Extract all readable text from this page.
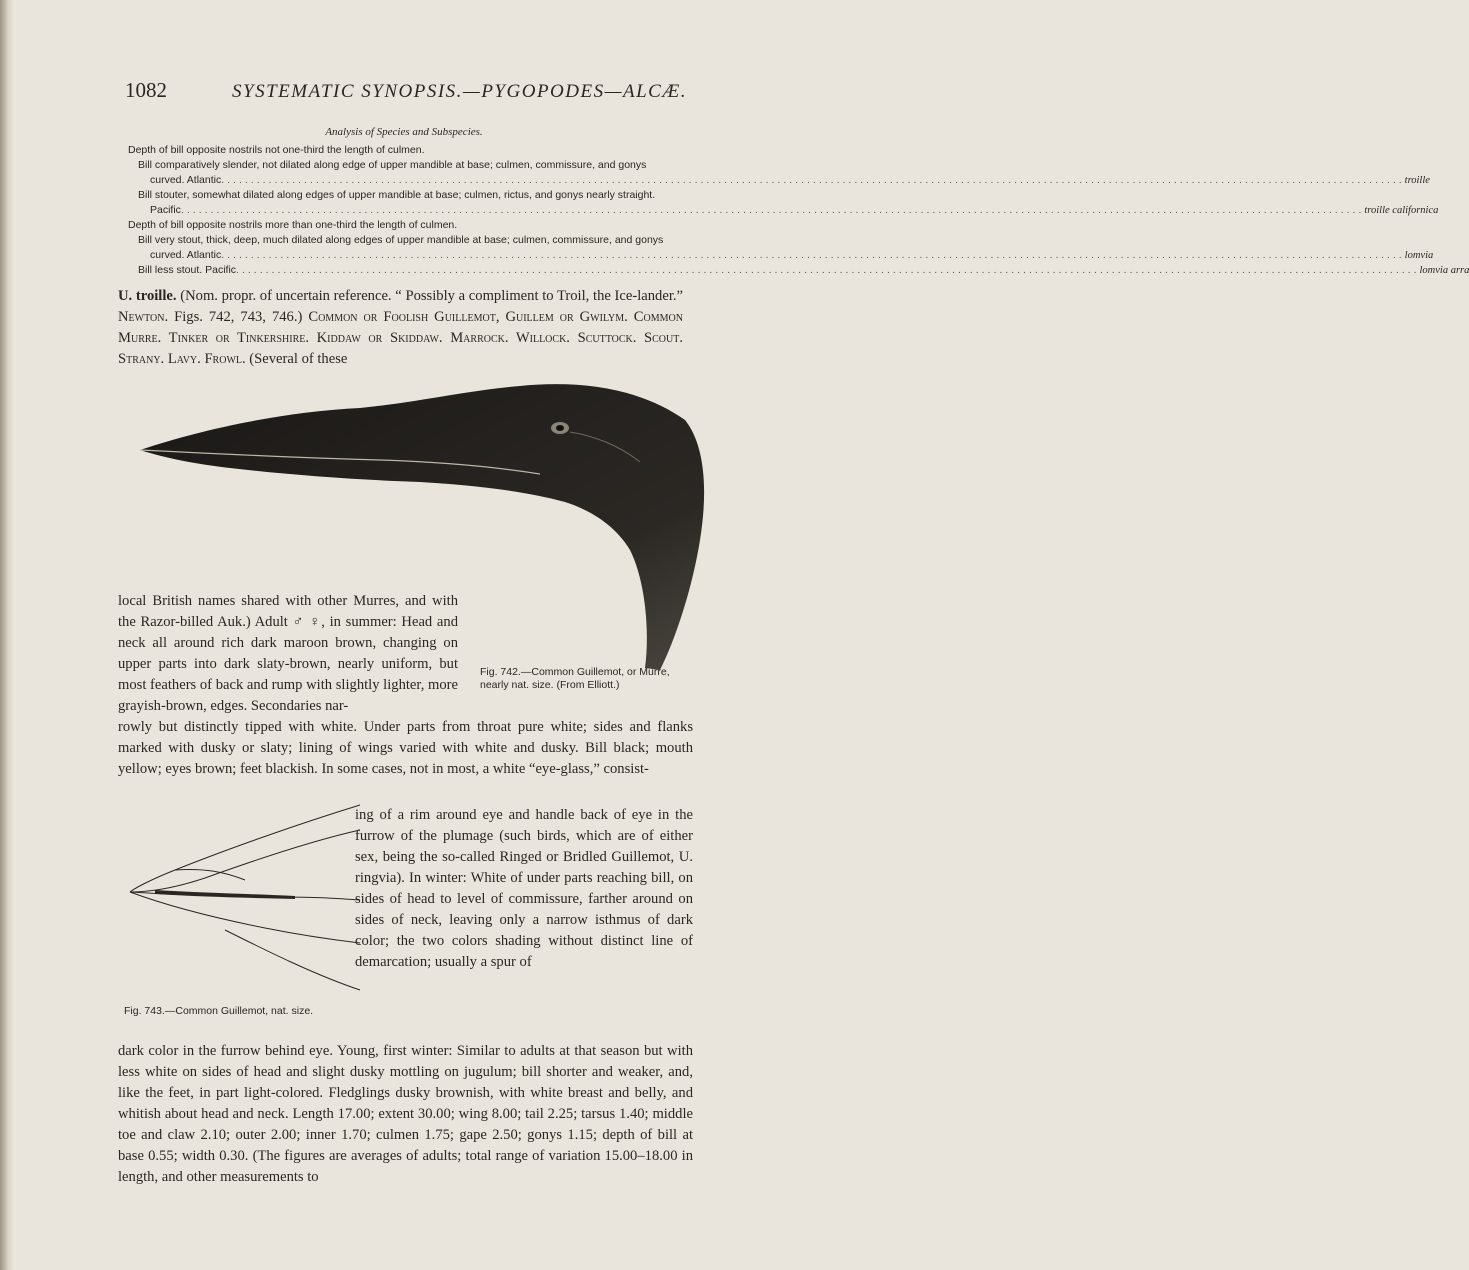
1082	SYSTEMATIC SYNOPSIS.—PYGOPODES—ALCÆ.
Analysis of Species and Subspecies.
Depth of bill opposite nostrils not one-third the length of culmen.
Bill comparatively slender, not dilated along edge of upper mandible at base; culmen, commissure, and gonys
curved. Atlantic ........................................................................................................................................................................................................ troille
Bill stouter, somewhat dilated along edges of upper mandible at base; culmen, rictus, and gonys nearly straight.
Pacific ........................................................................................................................................................................................................ troille californica
Depth of bill opposite nostrils more than one-third the length of culmen.
Bill very stout, thick, deep, much dilated along edges of upper mandible at base; culmen, commissure, and gonys
curved. Atlantic ........................................................................................................................................................................................................ lomvia
Bill less stout. Pacific ........................................................................................................................................................................................................ lomvia arra

U. troille. (Nom. propr. of uncertain reference. “ Possibly a compliment to Troil, the Ice-lander.” Newton. Figs. 742, 743, 746.) Common or Foolish Guillemot, Guillem or Gwilym. Common Murre. Tinker or Tinkershire. Kiddaw or Skiddaw. Marrock. Willock. Scuttock. Scout. Strany. Lavy. Frowl. (Several of these

local British names shared with other Murres, and with the Razor-billed Auk.) Adult ♂ ♀, in summer: Head and neck all around rich dark maroon brown, changing on upper parts into dark slaty-brown, nearly uniform, but most feathers of back and rump with slightly lighter, more grayish-brown, edges. Secondaries nar-

Fig. 742.—Common Guillemot, or Murre, nearly nat. size. (From Elliott.)

rowly but distinctly tipped with white. Under parts from throat pure white; sides and flanks marked with dusky or slaty; lining of wings varied with white and dusky. Bill black; mouth yellow; eyes brown; feet blackish. In some cases, not in most, a white “eye-glass,” consist-

Fig. 743.—Common Guillemot, nat. size.

ing of a rim around eye and handle back of eye in the furrow of the plumage (such birds, which are of either sex, being the so-called Ringed or Bridled Guillemot, U. ringvia). In winter: White of under parts reaching bill, on sides of head to level of commissure, farther around on sides of neck, leaving only a narrow isthmus of dark color; the two colors shading without distinct line of demarcation; usually a spur of

dark color in the furrow behind eye. Young, first winter: Similar to adults at that season but with less white on sides of head and slight dusky mottling on jugulum; bill shorter and weaker, and, like the feet, in part light-colored. Fledglings dusky brownish, with white breast and belly, and whitish about head and neck. Length 17.00; extent 30.00; wing 8.00; tail 2.25; tarsus 1.40; middle toe and claw 2.10; outer 2.00; inner 1.70; culmen 1.75; gape 2.50; gonys 1.15; depth of bill at base 0.55; width 0.30. (The figures are averages of adults; total range of variation 15.00–18.00 in length, and other measurements to
